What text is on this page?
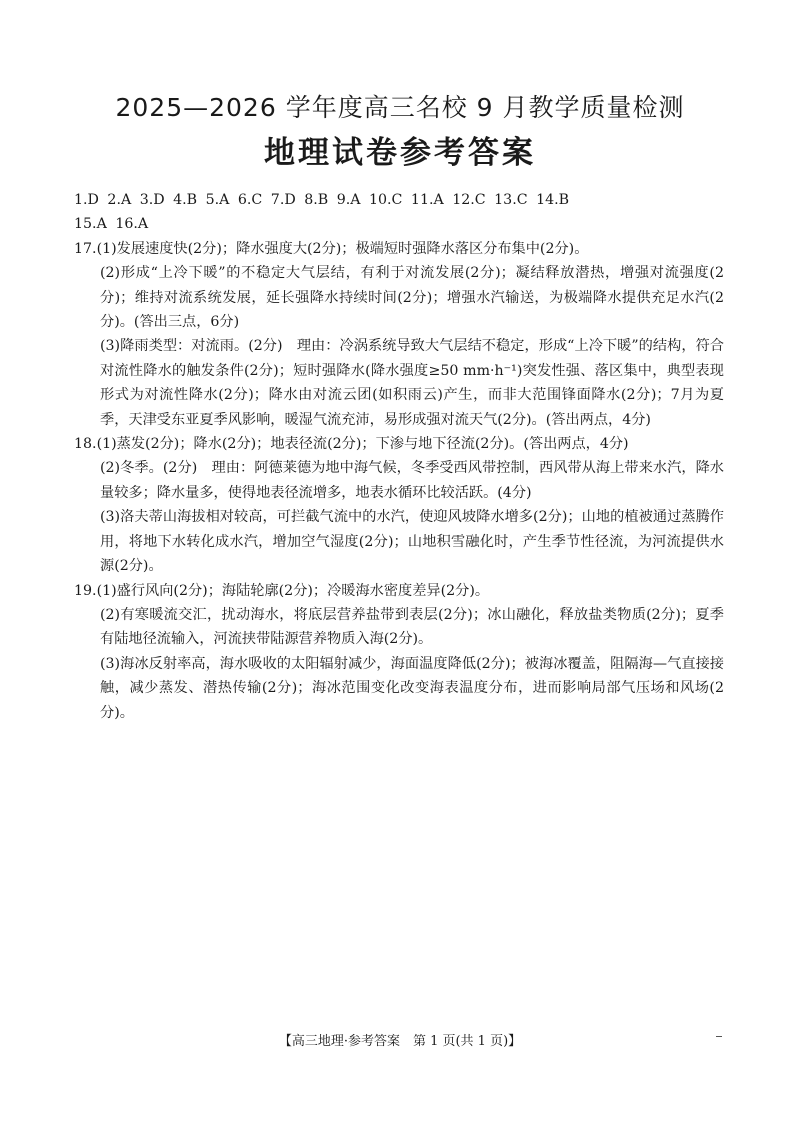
2025—2026 学年度高三名校 9 月教学质量检测
地理试卷参考答案

1.D 2.A 3.D 4.B 5.A 6.C 7.D 8.B 9.A 10.C 11.A 12.C 13.C 14.B

15.A 16.A

17.(1)发展速度快(2分)；降水强度大(2分)；极端短时强降水落区分布集中(2分)。

(2)形成“上冷下暖”的不稳定大气层结，有利于对流发展(2分)；凝结释放潜热，增强对流强度(2分)；维持对流系统发展，延长强降水持续时间(2分)；增强水汽输送，为极端降水提供充足水汽(2分)。(答出三点，6分)

(3)降雨类型：对流雨。(2分)　理由：冷涡系统导致大气层结不稳定，形成“上冷下暖”的结构，符合对流性降水的触发条件(2分)；短时强降水(降水强度≥50 mm·h⁻¹)突发性强、落区集中，典型表现形式为对流性降水(2分)；降水由对流云团(如积雨云)产生，而非大范围锋面降水(2分)；7月为夏季，天津受东亚夏季风影响，暖湿气流充沛，易形成强对流天气(2分)。(答出两点，4分)

18.(1)蒸发(2分)；降水(2分)；地表径流(2分)；下渗与地下径流(2分)。(答出两点，4分)

(2)冬季。(2分)　理由：阿德莱德为地中海气候，冬季受西风带控制，西风带从海上带来水汽，降水量较多；降水量多，使得地表径流增多，地表水循环比较活跃。(4分)

(3)洛夫蒂山海拔相对较高，可拦截气流中的水汽，使迎风坡降水增多(2分)；山地的植被通过蒸腾作用，将地下水转化成水汽，增加空气湿度(2分)；山地积雪融化时，产生季节性径流，为河流提供水源(2分)。

19.(1)盛行风向(2分)；海陆轮廓(2分)；冷暖海水密度差异(2分)。

(2)有寒暖流交汇，扰动海水，将底层营养盐带到表层(2分)；冰山融化，释放盐类物质(2分)；夏季有陆地径流输入，河流挟带陆源营养物质入海(2分)。

(3)海冰反射率高，海水吸收的太阳辐射减少，海面温度降低(2分)；被海冰覆盖，阻隔海—气直接接触，减少蒸发、潜热传输(2分)；海冰范围变化改变海表温度分布，进而影响局部气压场和风场(2分)。

【高三地理·参考答案　第 1 页(共 1 页)】
